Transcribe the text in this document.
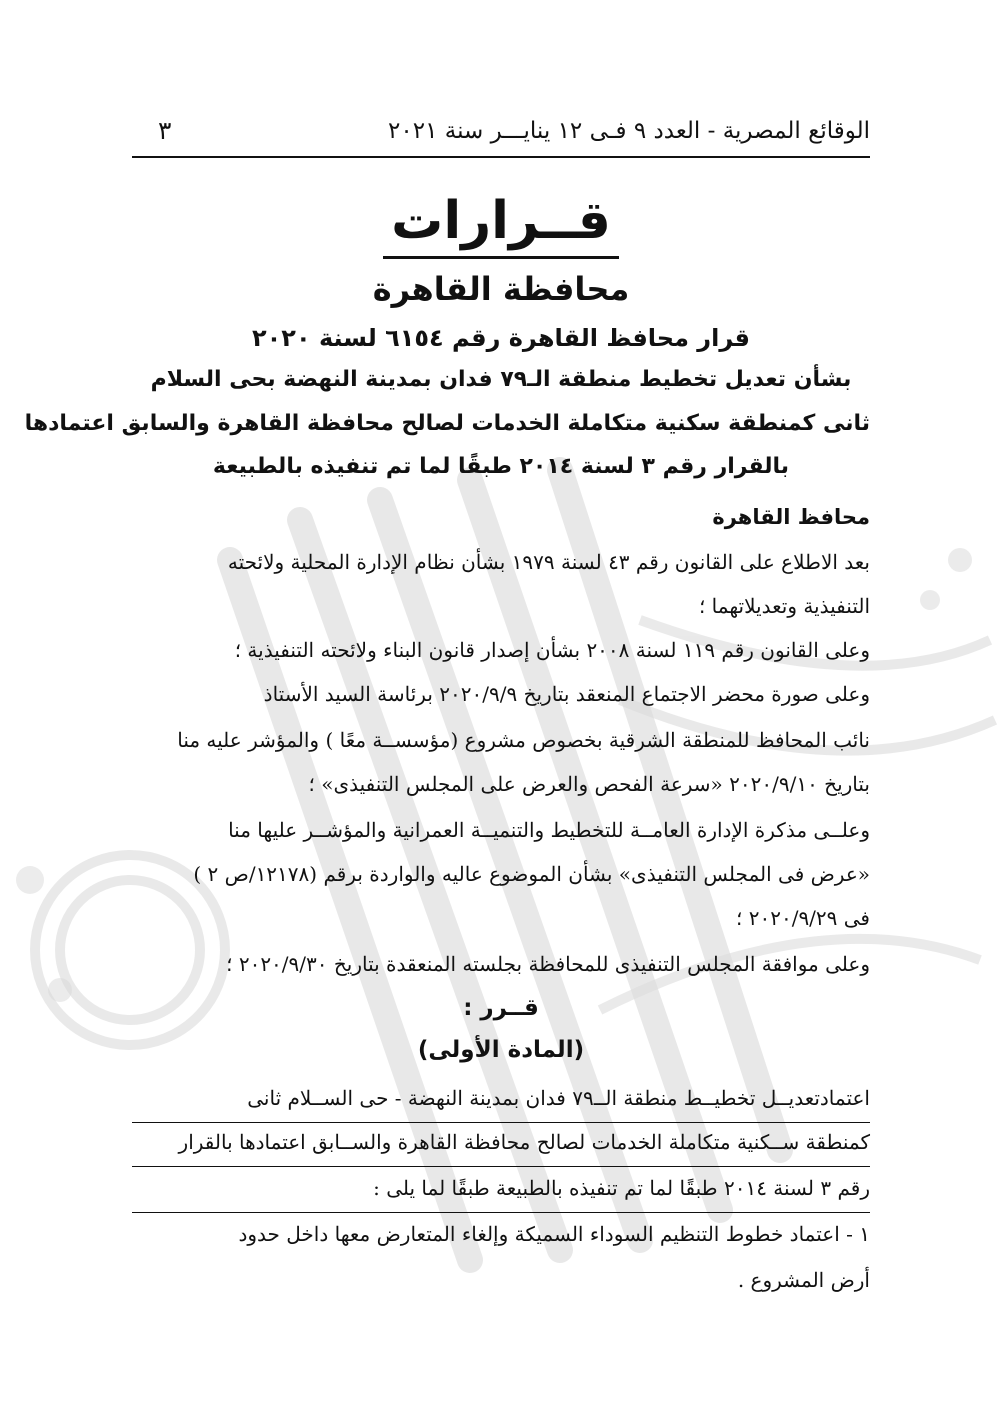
الوقائع المصرية - العدد ٩ فـى ١٢ ينايـــر سنة ٢٠٢١
٣
قــرارات
محافظة القاهرة
قرار محافظ القاهرة رقم ٦١٥٤ لسنة ٢٠٢٠
بشأن تعديل تخطيط منطقة الـ٧٩ فدان بمدينة النهضة بحى السلام
ثانى كمنطقة سكنية متكاملة الخدمات لصالح محافظة القاهرة والسابق اعتمادها
بالقرار رقم ٣ لسنة ٢٠١٤ طبقًا لما تم تنفيذه بالطبيعة
محافظ القاهرة
بعد الاطلاع على القانون رقم ٤٣ لسنة ١٩٧٩ بشأن نظام الإدارة المحلية ولائحته
التنفيذية وتعديلاتهما ؛
وعلى القانون رقم ١١٩ لسنة ٢٠٠٨ بشأن إصدار قانون البناء ولائحته التنفيذية ؛
وعلى صورة محضر الاجتماع المنعقد بتاريخ ٢٠٢٠/٩/٩ برئاسة السيد الأستاذ
نائب المحافظ للمنطقة الشرقية بخصوص مشروع (مؤسســة معًا ) والمؤشر عليه منا
بتاريخ ٢٠٢٠/٩/١٠ «سرعة الفحص والعرض على المجلس التنفيذى» ؛
وعلــى مذكرة الإدارة العامــة للتخطيط والتنميــة العمرانية والمؤشــر عليها منا
«عرض فى المجلس التنفيذى» بشأن الموضوع عاليه والواردة برقم (١٢١٧٨/ص ٢ )
فى ٢٠٢٠/٩/٢٩ ؛
وعلى موافقة المجلس التنفيذى للمحافظة بجلسته المنعقدة بتاريخ ٢٠٢٠/٩/٣٠ ؛
قــرر :
(المادة الأولى)
اعتمادتعديــل تخطيــط منطقة الــ٧٩ فدان بمدينة النهضة - حى الســلام ثانى
كمنطقة ســكنية متكاملة الخدمات لصالح محافظة القاهرة والســابق اعتمادها بالقرار
رقم ٣ لسنة ٢٠١٤ طبقًا لما تم تنفيذه بالطبيعة طبقًا لما يلى :
١ - اعتماد خطوط التنظيم السوداء السميكة وإلغاء المتعارض معها داخل حدود
أرض المشروع .
